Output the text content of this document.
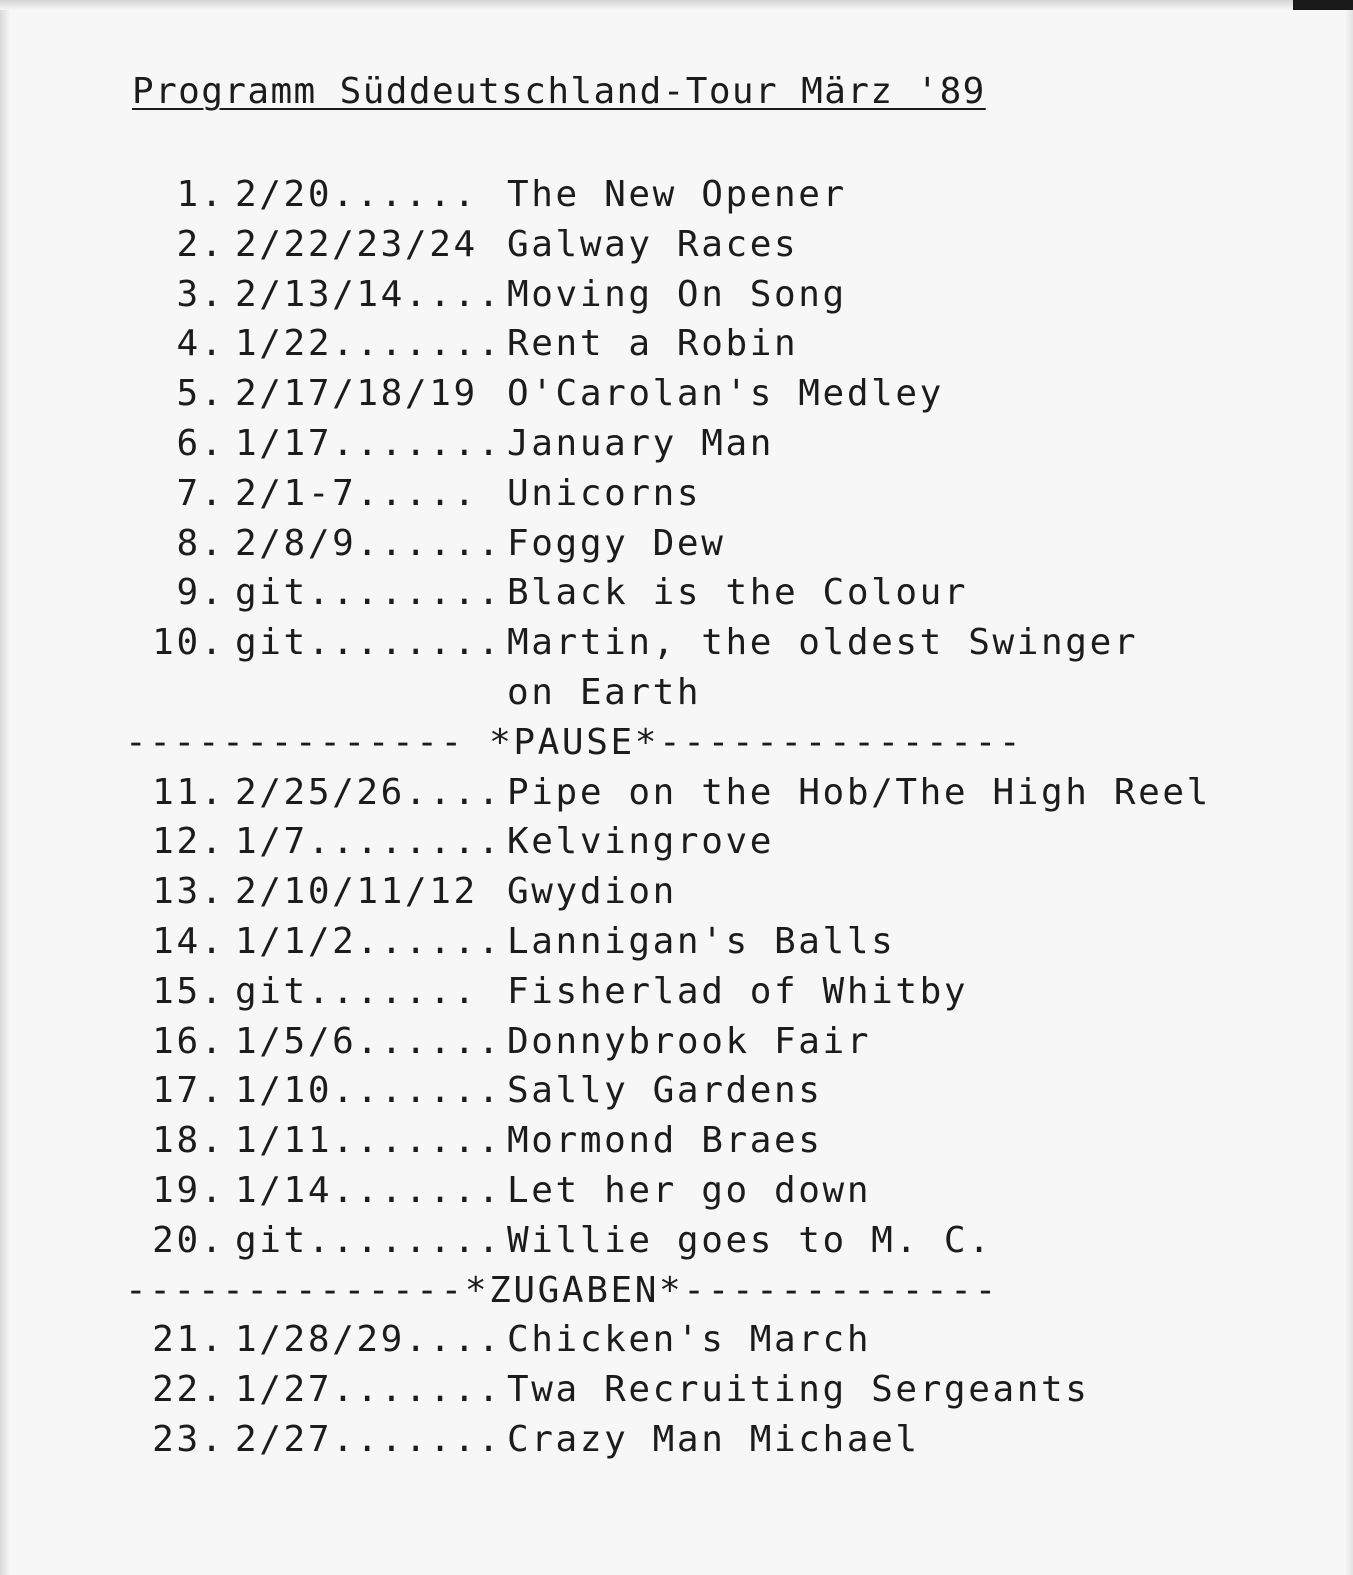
Programm Süddeutschland-Tour März '89
1. 2/20...... The New Opener
2. 2/22/23/24 Galway Races
3. 2/13/14.... Moving On Song
4. 1/22....... Rent a Robin
5. 2/17/18/19 O'Carolan's Medley
6. 1/17....... January Man
7. 2/1-7..... Unicorns
8. 2/8/9...... Foggy Dew
9. git........ Black is the Colour
10. git........ Martin, the oldest Swinger
on Earth
-------------- *PAUSE*---------------
11. 2/25/26.... Pipe on the Hob/The High Reel
12. 1/7........ Kelvingrove
13. 2/10/11/12 Gwydion
14. 1/1/2...... Lannigan's Balls
15. git....... Fisherlad of Whitby
16. 1/5/6...... Donnybrook Fair
17. 1/10....... Sally Gardens
18. 1/11....... Mormond Braes
19. 1/14....... Let her go down
20. git........ Willie goes to M. C.
--------------*ZUGABEN*-------------
21. 1/28/29.... Chicken's March
22. 1/27....... Twa Recruiting Sergeants
23. 2/27....... Crazy Man Michael
